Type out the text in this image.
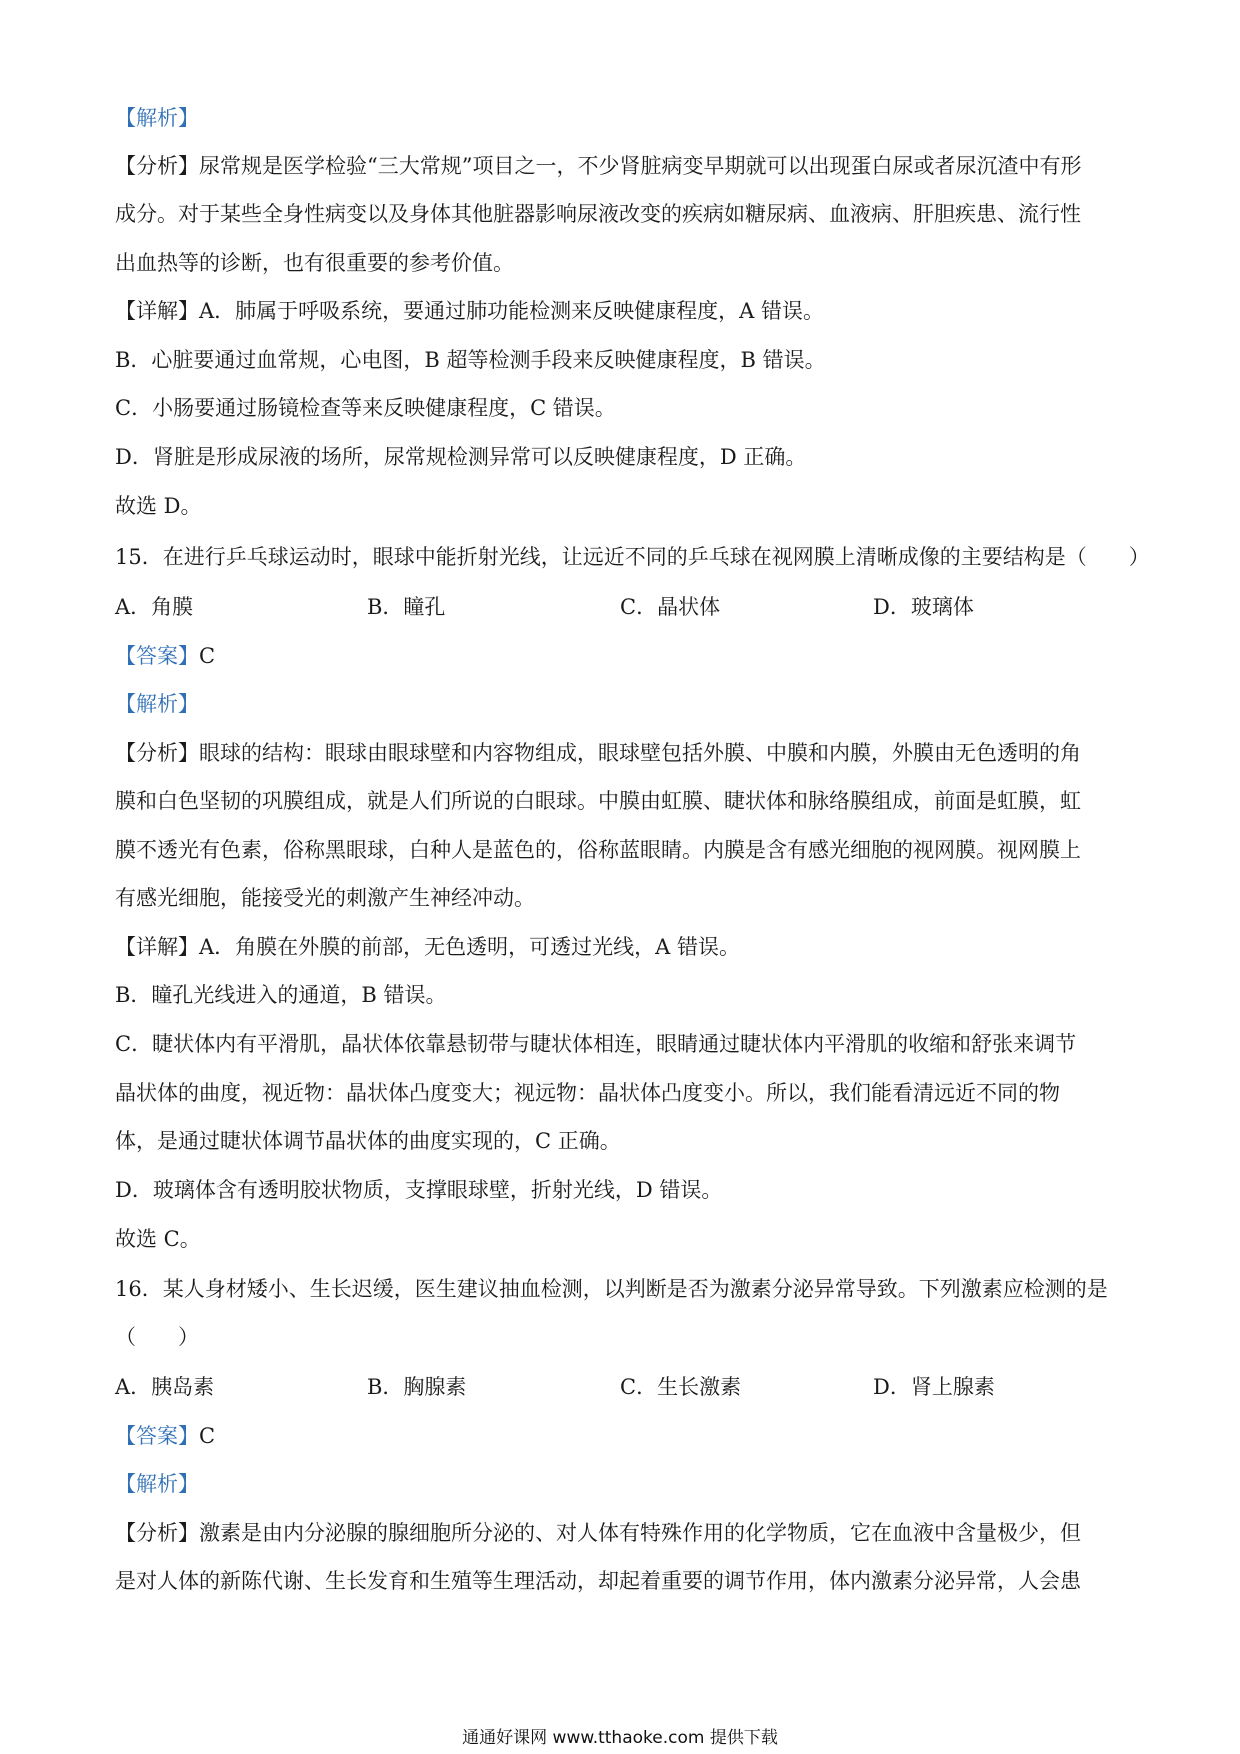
【解析】
【分析】尿常规是医学检验“三大常规”项目之一，不少肾脏病变早期就可以出现蛋白尿或者尿沉渣中有形
成分。对于某些全身性病变以及身体其他脏器影响尿液改变的疾病如糖尿病、血液病、肝胆疾患、流行性
出血热等的诊断，也有很重要的参考价值。
【详解】A．肺属于呼吸系统，要通过肺功能检测来反映健康程度，A 错误。
B．心脏要通过血常规，心电图，B 超等检测手段来反映健康程度，B 错误。
C．小肠要通过肠镜检查等来反映健康程度，C 错误。
D．肾脏是形成尿液的场所，尿常规检测异常可以反映健康程度，D 正确。
故选 D。
15．在进行乒乓球运动时，眼球中能折射光线，让远近不同的乒乓球在视网膜上清晰成像的主要结构是（　　）
A．角膜	B．瞳孔	C．晶状体	D．玻璃体
【答案】C
【解析】
【分析】眼球的结构：眼球由眼球壁和内容物组成，眼球壁包括外膜、中膜和内膜，外膜由无色透明的角
膜和白色坚韧的巩膜组成，就是人们所说的白眼球。中膜由虹膜、睫状体和脉络膜组成，前面是虹膜，虹
膜不透光有色素，俗称黑眼球，白种人是蓝色的，俗称蓝眼睛。内膜是含有感光细胞的视网膜。视网膜上
有感光细胞，能接受光的刺激产生神经冲动。
【详解】A．角膜在外膜的前部，无色透明，可透过光线，A 错误。
B．瞳孔光线进入的通道，B 错误。
C．睫状体内有平滑肌，晶状体依靠悬韧带与睫状体相连，眼睛通过睫状体内平滑肌的收缩和舒张来调节
晶状体的曲度，视近物：晶状体凸度变大；视远物：晶状体凸度变小。所以，我们能看清远近不同的物
体，是通过睫状体调节晶状体的曲度实现的，C 正确。
D．玻璃体含有透明胶状物质，支撑眼球壁，折射光线，D 错误。
故选 C。
16．某人身材矮小、生长迟缓，医生建议抽血检测，以判断是否为激素分泌异常导致。下列激素应检测的是
（　　）
A．胰岛素	B．胸腺素	C．生长激素	D．肾上腺素
【答案】C
【解析】
【分析】激素是由内分泌腺的腺细胞所分泌的、对人体有特殊作用的化学物质，它在血液中含量极少，但
是对人体的新陈代谢、生长发育和生殖等生理活动，却起着重要的调节作用，体内激素分泌异常，人会患
通通好课网 www.tthaoke.com 提供下载
